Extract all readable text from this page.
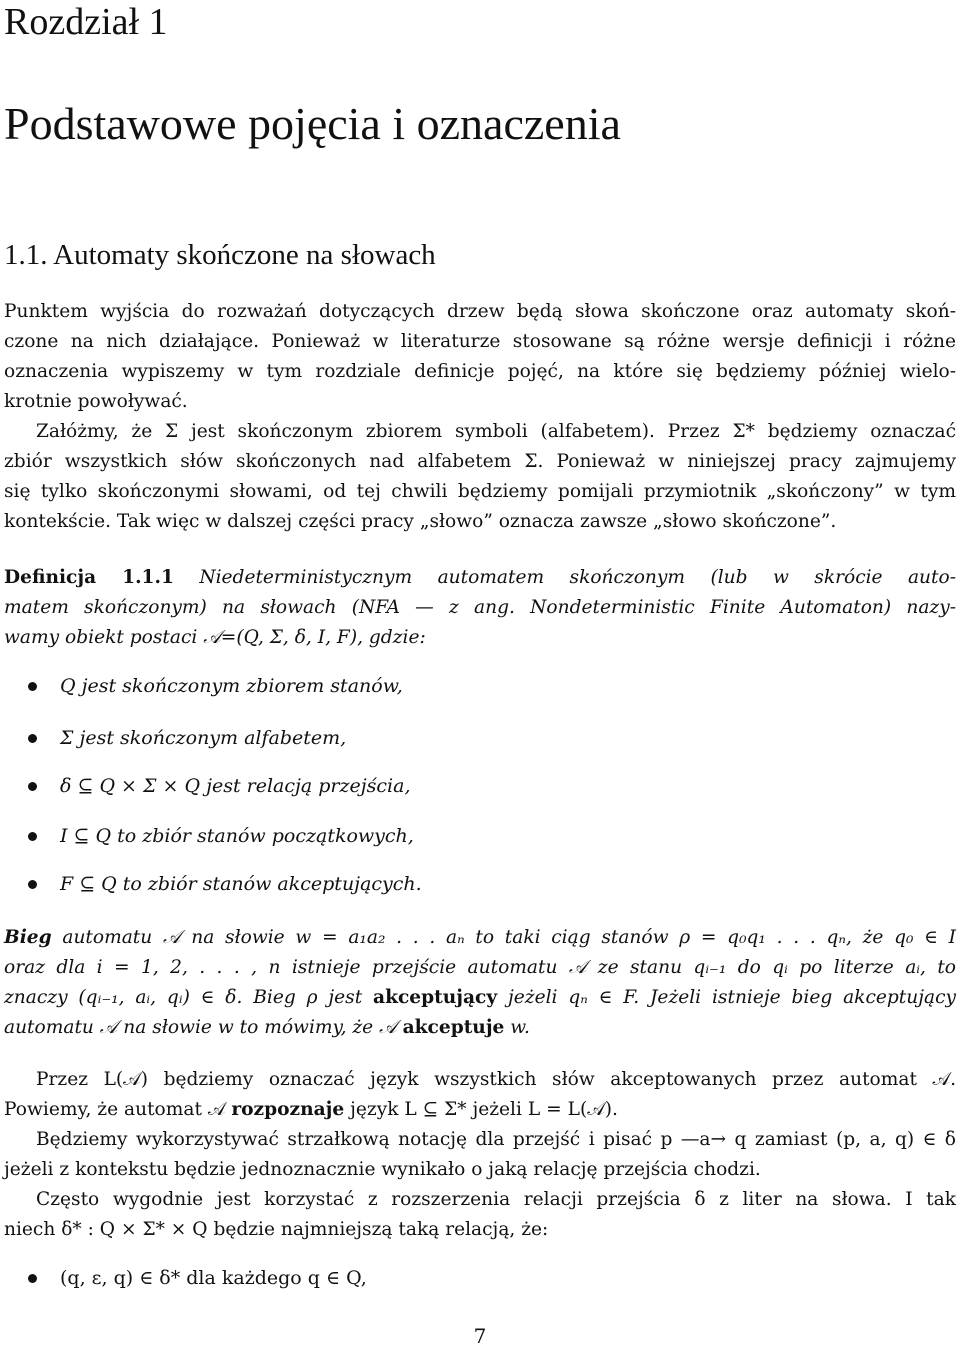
Rozdział 1
Podstawowe pojęcia i oznaczenia
1.1. Automaty skończone na słowach
Punktem wyjścia do rozważań dotyczących drzew będą słowa skończone oraz automaty skoń-
czone na nich działające. Ponieważ w literaturze stosowane są różne wersje definicji i różne
oznaczenia wypiszemy w tym rozdziale definicje pojęć, na które się będziemy później wielo-
krotnie powoływać.
Załóżmy, że Σ jest skończonym zbiorem symboli (alfabetem). Przez Σ* będziemy oznaczać
zbiór wszystkich słów skończonych nad alfabetem Σ. Ponieważ w niniejszej pracy zajmujemy
się tylko skończonymi słowami, od tej chwili będziemy pomijali przymiotnik „skończony” w tym
kontekście. Tak więc w dalszej części pracy „słowo” oznacza zawsze „słowo skończone”.
Definicja 1.1.1 Niedeterministycznym automatem skończonym (lub w skrócie auto-
matem skończonym) na słowach (NFA — z ang. Nondeterministic Finite Automaton) nazy-
wamy obiekt postaci 𝒜=(Q, Σ, δ, I, F), gdzie:
Q jest skończonym zbiorem stanów,
Σ jest skończonym alfabetem,
δ ⊆ Q × Σ × Q jest relacją przejścia,
I ⊆ Q to zbiór stanów początkowych,
F ⊆ Q to zbiór stanów akceptujących.
Bieg automatu 𝒜 na słowie w = a₁a₂ . . . aₙ to taki ciąg stanów ρ = q₀q₁ . . . qₙ, że q₀ ∈ I
oraz dla i = 1, 2, . . . , n istnieje przejście automatu 𝒜 ze stanu qᵢ₋₁ do qᵢ po literze aᵢ, to
znaczy (qᵢ₋₁, aᵢ, qᵢ) ∈ δ. Bieg ρ jest akceptujący jeżeli qₙ ∈ F. Jeżeli istnieje bieg akceptujący
automatu 𝒜 na słowie w to mówimy, że 𝒜 akceptuje w.
Przez L(𝒜) będziemy oznaczać język wszystkich słów akceptowanych przez automat 𝒜.
Powiemy, że automat 𝒜 rozpoznaje język L ⊆ Σ* jeżeli L = L(𝒜).
Będziemy wykorzystywać strzałkową notację dla przejść i pisać p —a→ q zamiast (p, a, q) ∈ δ
jeżeli z kontekstu będzie jednoznacznie wynikało o jaką relację przejścia chodzi.
Często wygodnie jest korzystać z rozszerzenia relacji przejścia δ z liter na słowa. I tak
niech δ* : Q × Σ* × Q będzie najmniejszą taką relacją, że:
(q, ε, q) ∈ δ* dla każdego q ∈ Q,
7
